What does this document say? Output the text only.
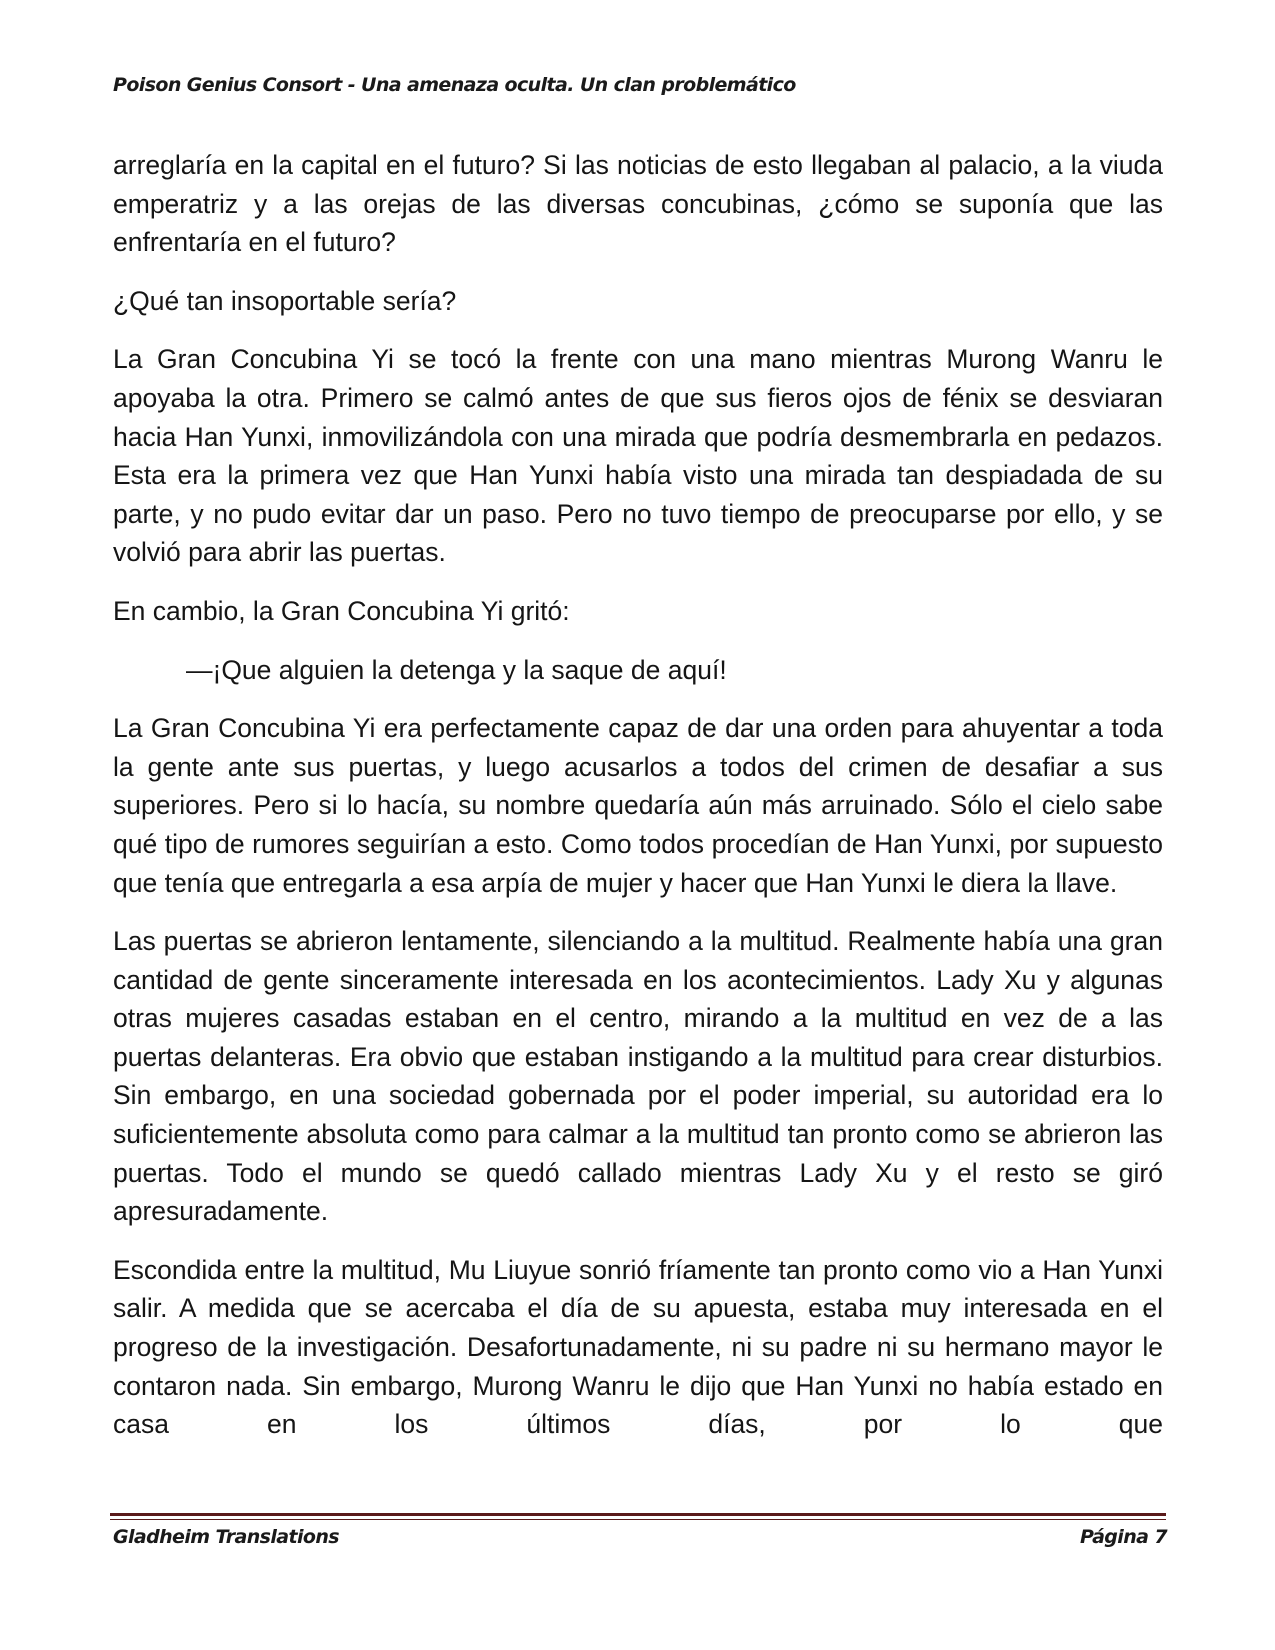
Poison Genius Consort - Una amenaza oculta. Un clan problemático

arreglaría en la capital en el futuro? Si las noticias de esto llegaban al palacio, a la viuda emperatriz y a las orejas de las diversas concubinas, ¿cómo se suponía que las enfrentaría en el futuro?

¿Qué tan insoportable sería?

La Gran Concubina Yi se tocó la frente con una mano mientras Murong Wanru le apoyaba la otra. Primero se calmó antes de que sus fieros ojos de fénix se desviaran hacia Han Yunxi, inmovilizándola con una mirada que podría desmembrarla en pedazos. Esta era la primera vez que Han Yunxi había visto una mirada tan despiadada de su parte, y no pudo evitar dar un paso. Pero no tuvo tiempo de preocuparse por ello, y se volvió para abrir las puertas.

En cambio, la Gran Concubina Yi gritó:

—¡Que alguien la detenga y la saque de aquí!

La Gran Concubina Yi era perfectamente capaz de dar una orden para ahuyentar a toda la gente ante sus puertas, y luego acusarlos a todos del crimen de desafiar a sus superiores. Pero si lo hacía, su nombre quedaría aún más arruinado. Sólo el cielo sabe qué tipo de rumores seguirían a esto. Como todos procedían de Han Yunxi, por supuesto que tenía que entregarla a esa arpía de mujer y hacer que Han Yunxi le diera la llave.

Las puertas se abrieron lentamente, silenciando a la multitud. Realmente había una gran cantidad de gente sinceramente interesada en los acontecimientos. Lady Xu y algunas otras mujeres casadas estaban en el centro, mirando a la multitud en vez de a las puertas delanteras. Era obvio que estaban instigando a la multitud para crear disturbios. Sin embargo, en una sociedad gobernada por el poder imperial, su autoridad era lo suficientemente absoluta como para calmar a la multitud tan pronto como se abrieron las puertas. Todo el mundo se quedó callado mientras Lady Xu y el resto se giró apresuradamente.

Escondida entre la multitud, Mu Liuyue sonrió fríamente tan pronto como vio a Han Yunxi salir. A medida que se acercaba el día de su apuesta, estaba muy interesada en el progreso de la investigación. Desafortunadamente, ni su padre ni su hermano mayor le contaron nada. Sin embargo, Murong Wanru le dijo que Han Yunxi no había estado en casa en los últimos días, por lo que

Gladheim Translations	Página 7
